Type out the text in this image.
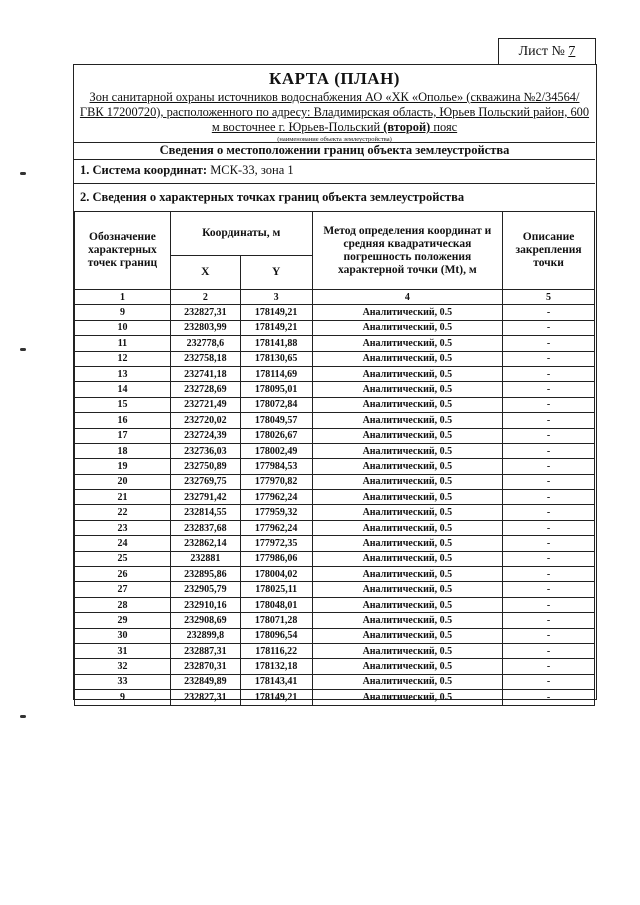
Лист № 7
КАРТА (ПЛАН)
Зон санитарной охраны источников водоснабжения АО «ХК «Ополье» (скважина №2/34564/ГВК 17200720), расположенного по адресу: Владимирская область, Юрьев Польский район, 600 м восточнее г. Юрьев-Польский (второй) пояс
(наименование объекта землеустройства)
Сведения о местоположении границ объекта землеустройства
1. Система координат: МСК-33, зона 1
2. Сведения о характерных точках границ объекта землеустройства
Обозначение характерных точек границ	Координаты, м		Метод определения координат и средняя квадратическая погрешность положения характерной точки (Mt), м	Описание закрепления точки
	X	Y		
1	2	3	4	5
9	232827,31	178149,21	Аналитический, 0.5	-
10	232803,99	178149,21	Аналитический, 0.5	-
11	232778,6	178141,88	Аналитический, 0.5	-
12	232758,18	178130,65	Аналитический, 0.5	-
13	232741,18	178114,69	Аналитический, 0.5	-
14	232728,69	178095,01	Аналитический, 0.5	-
15	232721,49	178072,84	Аналитический, 0.5	-
16	232720,02	178049,57	Аналитический, 0.5	-
17	232724,39	178026,67	Аналитический, 0.5	-
18	232736,03	178002,49	Аналитический, 0.5	-
19	232750,89	177984,53	Аналитический, 0.5	-
20	232769,75	177970,82	Аналитический, 0.5	-
21	232791,42	177962,24	Аналитический, 0.5	-
22	232814,55	177959,32	Аналитический, 0.5	-
23	232837,68	177962,24	Аналитический, 0.5	-
24	232862,14	177972,35	Аналитический, 0.5	-
25	232881	177986,06	Аналитический, 0.5	-
26	232895,86	178004,02	Аналитический, 0.5	-
27	232905,79	178025,11	Аналитический, 0.5	-
28	232910,16	178048,01	Аналитический, 0.5	-
29	232908,69	178071,28	Аналитический, 0.5	-
30	232899,8	178096,54	Аналитический, 0.5	-
31	232887,31	178116,22	Аналитический, 0.5	-
32	232870,31	178132,18	Аналитический, 0.5	-
33	232849,89	178143,41	Аналитический, 0.5	-
9	232827,31	178149,21	Аналитический, 0.5	-
